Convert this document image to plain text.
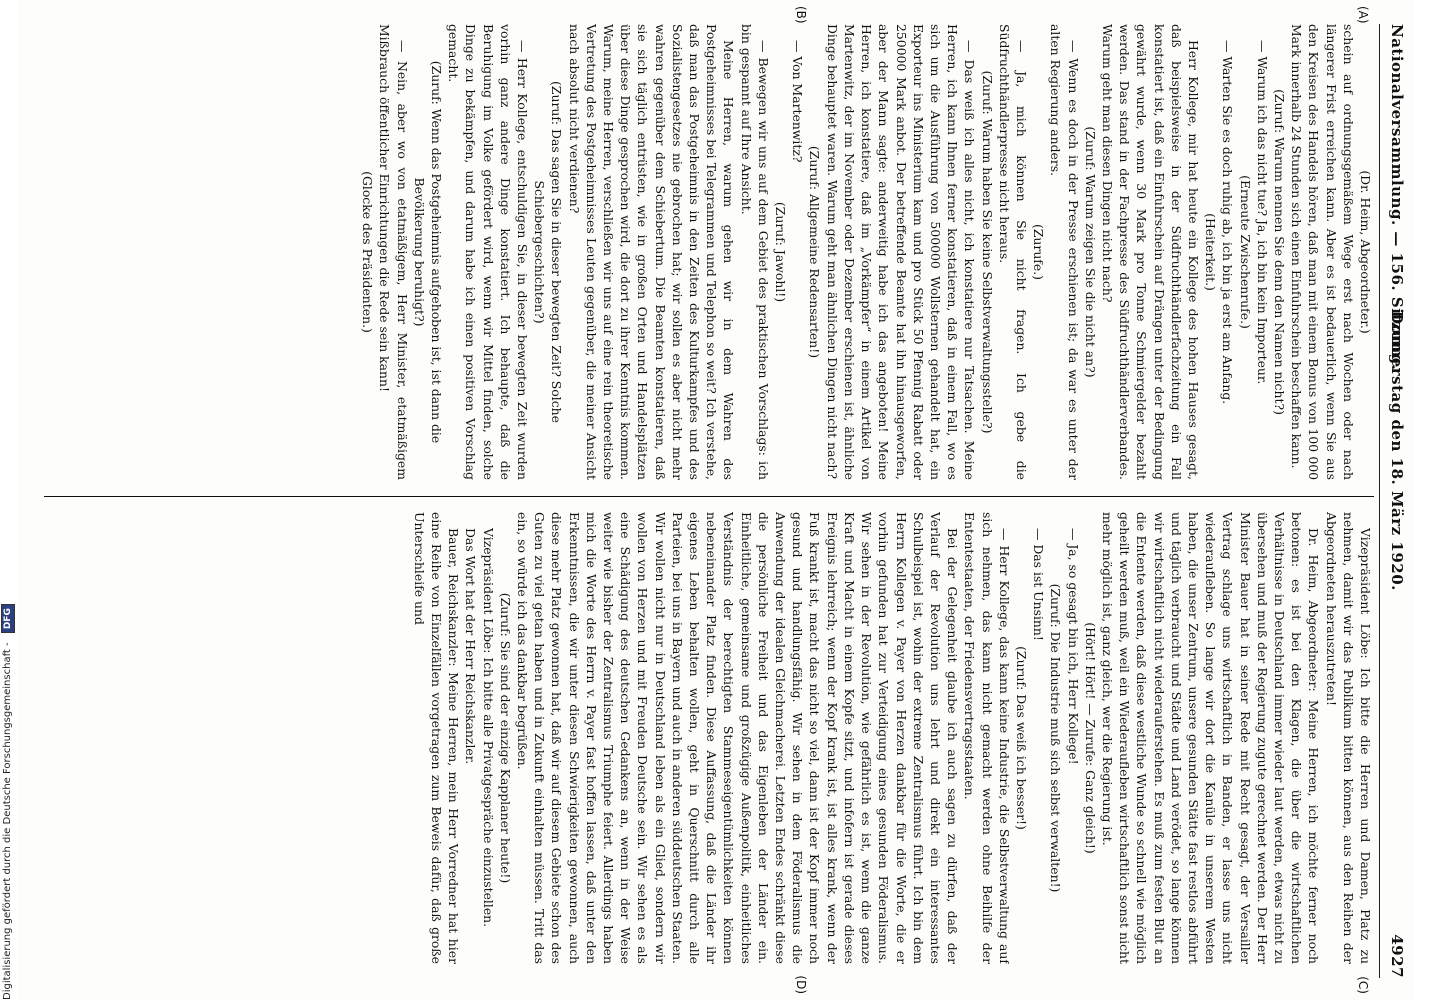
Nationalversammlung. — 156. Sitzung.
Donnerstag den 18. März 1920.                                                            4927
(A)
(B)
(C)
(D)

(Dr. Heim, Abgeordneter.)

schein auf ordnungsgemäßem Wege erst nach Wochen oder nach längerer Frist erreichen kann. Aber es ist bedauerlich, wenn Sie aus den Kreisen des Handels hören, daß man mit einem Bonus von 100 000 Mark innerhalb 24 Stunden sich einen Einfuhrschein beschaffen kann.

(Zuruf: Warum nennen Sie denn den Namen nicht?)

— Warum ich das nicht tue? Ja, ich bin kein Importeur.

(Erneute Zwischenrufe.)

— Warten Sie es doch ruhig ab, ich bin ja erst am Anfang.

(Heiterkeit.)

Herr Kollege, mir hat heute ein Kollege des hohen Hauses gesagt, daß beispielsweise in der Südfruchthändlerfachzeitung ein Fall konstatiert ist, daß ein Einfuhrschein auf Drängen unter der Bedingung gewährt wurde, wenn 30 Mark pro Tonne Schmiergelder bezahlt werden. Das stand in der Fachpresse des Südfruchthändlerverbandes. Warum geht man diesen Dingen nicht nach?

(Zuruf: Warum zeigen Sie die nicht an?)

— Wenn es doch in der Presse erschienen ist; da war es unter der alten Regierung anders.

(Zurufe.)

— Ja, mich können Sie nicht fragen. Ich gebe die Südfruchthändlerpresse nicht heraus.

(Zuruf: Warum haben Sie keine Selbstverwaltungsstelle?)

— Das weiß ich alles nicht, ich konstatiere nur Tatsachen. Meine Herren, ich kann Ihnen ferner konstatieren, daß in einem Fall, wo es sich um die Ausführung von 500000 Wollsternen gehandelt hat, ein Exporteur ins Ministerium kam und pro Stück 50 Pfennig Rabatt oder 250000 Mark anbot. Der betreffende Beamte hat ihn hinausgeworfen, aber der Mann sagte: anderweitig habe ich das angeboten! Meine Herren, ich konstatiere, daß im „Vorkämpfer“ in einem Artikel von Martenwitz, der im November oder Dezember erschienen ist, ähnliche Dinge behauptet waren. Warum geht man ähnlichen Dingen nicht nach?

(Zuruf: Allgemeine Redensarten!)

— Von Martenwitz?

(Zuruf: Jawohl!)

— Bewegen wir uns auf dem Gebiet des praktischen Vorschlags: ich bin gespannt auf Ihre Ansicht.

Meine Herren, warum gehen wir in dem Wahren des Postgeheimnisses bei Telegrammen und Telephon so weit? Ich verstehe, daß man das Postgeheimnis in den Zeiten des Kulturkampfes und des Sozialistengesetzes nie gebrochen hat; wir sollen es aber nicht mehr wahren gegenüber dem Schiebertum. Die Beamten konstatieren, daß sie sich täglich entrüsten, wie in großen Orten und Handelsplätzen über diese Dinge gesprochen wird, die dort zu ihrer Kenntnis kommen. Warum, meine Herren, verschließen wir uns auf eine rein theoretische Vertretung des Postgeheimnisses Leuten gegenüber, die meiner Ansicht nach absolut nicht verdienen?

(Zuruf: Das sagen Sie in dieser bewegten Zeit? Solche Schiebergeschichten?)

— Herr Kollege, entschuldigen Sie, in dieser bewegten Zeit wurden vorhin ganz andere Dinge konstatiert. Ich behaupte, daß die Beruhigung im Volke gefördert wird, wenn wir Mittel finden, solche Dinge zu bekämpfen, und darum habe ich einen positiven Vorschlag gemacht.

(Zuruf: Wenn das Postgeheimnis aufgehoben ist, ist dann die Bevölkerung beruhigt?)

— Nein, aber wo von etatmäßigem, Herr Minister, etatmäßigem Mißbrauch öffentlicher Einrichtungen die Rede sein kann!

(Glocke des Präsidenten.)

Vizepräsident Löbe: Ich bitte die Herren und Damen, Platz zu nehmen, damit wir das Publikum bitten können, aus den Reihen der Abgeordneten herauszutreten!

Dr. Heim, Abgeordneter: Meine Herren, ich möchte ferner noch betonen: es ist bei den Klagen, die über die wirtschaftlichen Verhältnisse in Deutschland immer wieder laut werden, etwas nicht zu übersehen und muß der Regierung zugute gerechnet werden. Der Herr Minister Bauer hat in seiner Rede mit Recht gesagt, der Versailler Vertrag schlage uns wirtschaftlich in Banden, er lasse uns nicht wiederaufleben. So lange wir dort die Kanüle in unserem Westen haben, die unser Zentrum, unsere gesunden Stätte fast restlos abführt und täglich verbraucht und Städte und Land verödet, so lange können wir wirtschaftlich nicht wiederauferstehen. Es muß zum festen Blut an die Entente werden, daß diese westliche Wunde so schnell wie möglich geheilt werden muß, weil ein Wiederaufleben wirtschaftlich sonst nicht mehr möglich ist, ganz gleich, wer die Regierung ist.

(Hört! Hört! — Zurufe: Ganz gleich!)

— Ja, so gesagt bin ich, Herr Kollege!

(Zuruf: Die Industrie muß sich selbst verwalten!)

— Das ist Unsinn!

(Zuruf: Das weiß ich besser!)

— Herr Kollege, das kann keine Industrie, die Selbstverwaltung auf sich nehmen, das kann nicht gemacht werden ohne Beihilfe der Ententestaaten, der Friedensvertragsstaaten.

Bei der Gelegenheit glaube ich auch sagen zu dürfen, daß der Verlauf der Revolution uns lehrt und direkt ein interessantes Schulbeispiel ist, wohin der extreme Zentralismus führt. Ich bin dem Herrn Kollegen v. Payer von Herzen dankbar für die Worte, die er vorhin gefunden hat zur Verteidigung eines gesunden Föderalismus. Wir sehen in der Revolution, wie gefährlich es ist, wenn die ganze Kraft und Macht in einem Kopfe sitzt, und infofern ist gerade dieses Ereignis lehrreich; wenn der Kopf krank ist, ist alles krank, wenn der Fuß krankt ist, macht das nicht so viel, dann ist der Kopf immer noch gesund und handlungsfähig. Wir sehen in dem Föderalismus die Anwendung der idealen Gleichmacherei. Letzten Endes schränkt diese die persönliche Freiheit und das Eigenleben der Länder ein. Einheitliche, gemeinsame und großzügige Außenpolitik, einheitliches Verständnis der berechtigten Stammeseigentümlichkeiten können nebeneinander Platz finden. Diese Auffassung, daß die Länder ihr eigenes Leben behalten wollen, geht in Querschnitt durch alle Parteien, bei uns in Bayern und auch in anderen süddeutschen Staaten. Wir wollen nicht nur in Deutschland leben als ein Glied, sondern wir wollen von Herzen und mit Freuden Deutsche sein. Wir sehen es als eine Schädigung des deutschen Gedankens an, wenn in der Weise weiter wie bisher der Zentralismus Triumphe feiert. Allerdings haben mich die Worte des Herrn v. Payer fast hoffen lassen, daß unter den Erkenntnissen, die wir unter diesen Schwierigkeiten gewonnen, auch diese mehr Platz gewonnen hat, daß wir auf diesem Gebiete schon des Guten zu viel getan haben und in Zukunft einhalten müssen. Tritt das ein, so würde ich das dankbar begrüßen.

(Zuruf: Sie sind der einzige Kapplaner heute!)

Vizepräsident Löbe: Ich bitte alle Privatgespräche einzustellen.

Das Wort hat der Herr Reichskanzler.

Bauer, Reichskanzler: Meine Herren, mein Herr Vorredner hat hier eine Reihe von Einzelfällen vorgetragen zum Beweis dafür, daß große Unterschleife und

Digitalisierung gefördert durch die Deutsche Forschungsgemeinschaft - DFG
